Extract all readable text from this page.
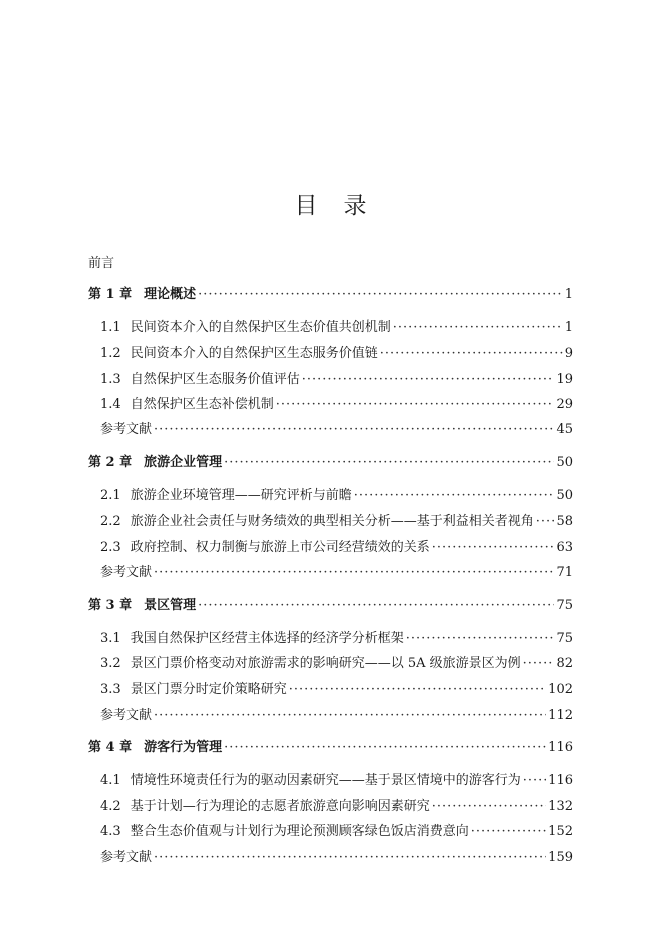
目录
前言
第 1 章 理论概述 ·····	1
1.1 民间资本介入的自然保护区生态价值共创机制 ·····	1
1.2 民间资本介入的自然保护区生态服务价值链 ·····	9
1.3 自然保护区生态服务价值评估 ·····	19
1.4 自然保护区生态补偿机制 ·····	29
参考文献 ·····	45
第 2 章 旅游企业管理 ·····	50
2.1 旅游企业环境管理——研究评析与前瞻 ·····	50
2.2 旅游企业社会责任与财务绩效的典型相关分析——基于利益相关者视角 ····· 58
2.3 政府控制、权力制衡与旅游上市公司经营绩效的关系 ·····	63
参考文献 ·····	71
第 3 章 景区管理 ·····	75
3.1 我国自然保护区经营主体选择的经济学分析框架 ·····	75
3.2 景区门票价格变动对旅游需求的影响研究——以 5A 级旅游景区为例 ·····	82
3.3 景区门票分时定价策略研究 ·····	102
参考文献 ·····	112
第 4 章 游客行为管理 ·····	116
4.1 情境性环境责任行为的驱动因素研究——基于景区情境中的游客行为 ····· 116
4.2 基于计划—行为理论的志愿者旅游意向影响因素研究 ·····	132
4.3 整合生态价值观与计划行为理论预测顾客绿色饭店消费意向 ·····	152
参考文献 ·····	159
